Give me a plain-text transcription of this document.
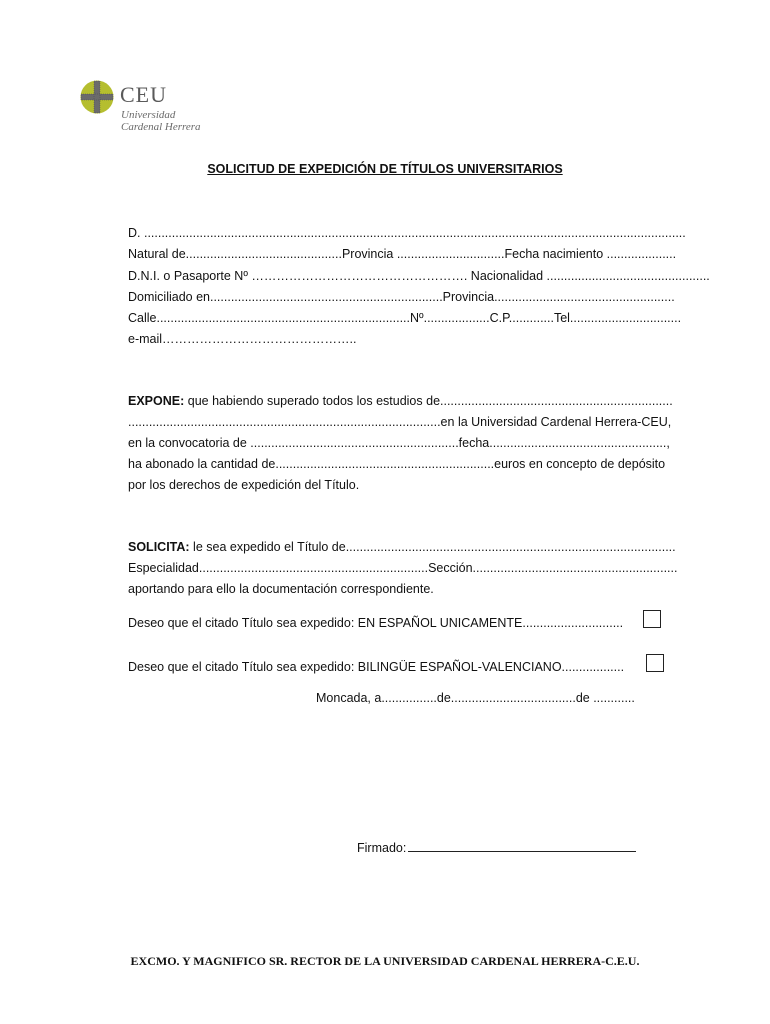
CEU
Universidad
Cardenal Herrera
SOLICITUD DE EXPEDICIÓN DE TÍTULOS UNIVERSITARIOS
D. ............................................................................................................................................................
Natural de.............................................Provincia ...............................Fecha nacimiento ....................
D.N.I. o Pasaporte Nº ……………………………………………. Nacionalidad ...............................................
Domiciliado en...................................................................Provincia....................................................
Calle.........................................................................Nº...................C.P.............Tel................................
e-mail………………………………………..
EXPONE: que habiendo superado todos los estudios de...................................................................
..........................................................................................en la Universidad Cardenal Herrera-CEU,
en la convocatoria de ............................................................fecha...................................................,
ha abonado la cantidad de...............................................................euros en concepto de depósito
por los derechos de expedición del Título.
SOLICITA: le sea expedido el Título de...............................................................................................
Especialidad..................................................................Sección...........................................................
aportando para ello la documentación correspondiente.
Deseo que el citado Título sea expedido: EN ESPAÑOL UNICAMENTE.............................
Deseo que el citado Título sea expedido: BILINGÜE ESPAÑOL-VALENCIANO..................
Moncada, a................de....................................de ............
Firmado:
EXCMO. Y MAGNIFICO SR. RECTOR DE LA UNIVERSIDAD CARDENAL HERRERA-C.E.U.
